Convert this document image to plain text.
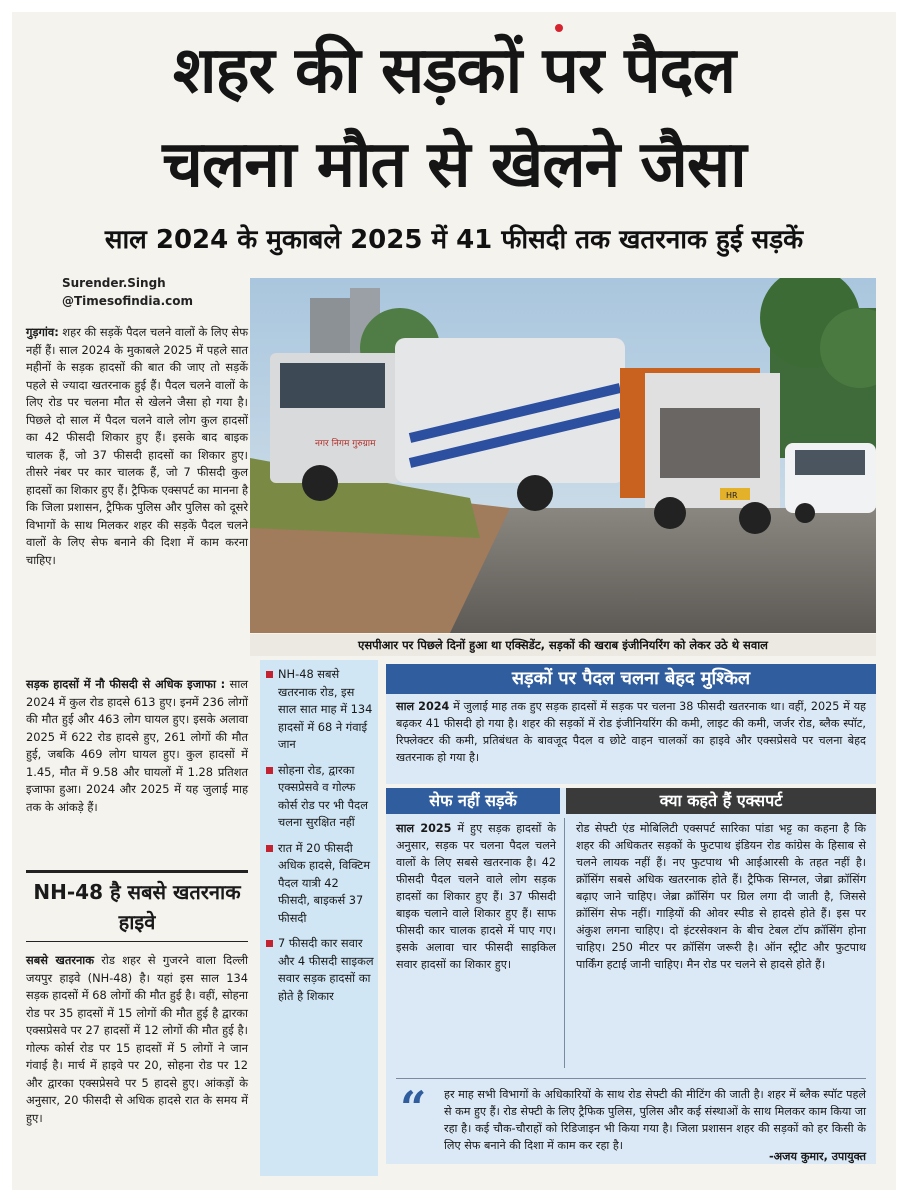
शहर की सड़कों पर पैदल
चलना मौत से खेलने जैसा
साल 2024 के मुकाबले 2025 में 41 फीसदी तक खतरनाक हुई सड़कें
Surender.Singh
@Timesofindia.com

गुड़गांव: शहर की सड़कें पैदल चलने वालों के लिए सेफ नहीं हैं। साल 2024 के मुकाबले 2025 में पहले सात महीनों के सड़क हादसों की बात की जाए तो सड़कें पहले से ज्यादा खतरनाक हुई हैं। पैदल चलने वालों के लिए रोड पर चलना मौत से खेलने जैसा हो गया है। पिछले दो साल में पैदल चलने वाले लोग कुल हादसों का 42 फीसदी शिकार हुए हैं। इसके बाद बाइक चालक हैं, जो 37 फीसदी हादसों का शिकार हुए। तीसरे नंबर पर कार चालक हैं, जो 7 फीसदी कुल हादसों का शिकार हुए हैं। ट्रैफिक एक्सपर्ट का मानना है कि जिला प्रशासन, ट्रैफिक पुलिस और पुलिस को दूसरे विभागों के साथ मिलकर शहर की सड़कें पैदल चलने वालों के लिए सेफ बनाने की दिशा में काम करना चाहिए।

सड़क हादसों में नौ फीसदी से अधिक इजाफा : साल 2024 में कुल रोड हादसे 613 हुए। इनमें 236 लोगों की मौत हुई और 463 लोग घायल हुए। इसके अलावा 2025 में 622 रोड हादसे हुए, 261 लोगों की मौत हुई, जबकि 469 लोग घायल हुए। कुल हादसों में 1.45, मौत में 9.58 और घायलों में 1.28 प्रतिशत इजाफा हुआ। 2024 और 2025 में यह जुलाई माह तक के आंकड़े हैं।

NH-48 है सबसे खतरनाक हाइवे

सबसे खतरनाक रोड शहर से गुजरने वाला दिल्ली जयपुर हाइवे (NH-48) है। यहां इस साल 134 सड़क हादसों में 68 लोगों की मौत हुई है। वहीं, सोहना रोड पर 35 हादसों में 15 लोगों की मौत हुई है द्वारका एक्सप्रेसवे पर 27 हादसों में 12 लोगों की मौत हुई है। गोल्फ कोर्स रोड पर 15 हादसों में 5 लोगों ने जान गंवाई है। मार्च में हाइवे पर 20, सोहना रोड पर 12 और द्वारका एक्सप्रेसवे पर 5 हादसे हुए। आंकड़ों के अनुसार, 20 फीसदी से अधिक हादसे रात के समय में हुए।

नगर निगम गुरुग्राम
HR
एसपीआर पर पिछले दिनों हुआ था एक्सिडेंट, सड़कों की खराब इंजीनियरिंग को लेकर उठे थे सवाल
NH-48 सबसे खतरनाक रोड, इस साल सात माह में 134 हादसों में 68 ने गंवाई जान
सोहना रोड, द्वारका एक्सप्रेसवे व गोल्फ कोर्स रोड पर भी पैदल चलना सुरक्षित नहीं
रात में 20 फीसदी अधिक हादसे, विक्टिम पैदल यात्री 42 फीसदी, बाइकर्स 37 फीसदी
7 फीसदी कार सवार और 4 फीसदी साइकल सवार सड़क हादसों का होते है शिकार
सड़कों पर पैदल चलना बेहद मुश्किल
साल 2024 में जुलाई माह तक हुए सड़क हादसों में सड़क पर चलना 38 फीसदी खतरनाक था। वहीं, 2025 में यह बढ़कर 41 फीसदी हो गया है। शहर की सड़कों में रोड इंजीनियरिंग की कमी, लाइट की कमी, जर्जर रोड, ब्लैक स्पॉट, रिफ्लेक्टर की कमी, प्रतिबंधत के बावजूद पैदल व छोटे वाहन चालकों का हाइवे और एक्सप्रेसवे पर चलना बेहद खतरनाक हो गया है।
सेफ नहीं सड़कें	क्या कहते हैं एक्सपर्ट
साल 2025 में हुए सड़क हादसों के अनुसार, सड़क पर चलना पैदल चलने वालों के लिए सबसे खतरनाक है। 42 फीसदी पैदल चलने वाले लोग सड़क हादसों का शिकार हुए हैं। 37 फीसदी बाइक चलाने वाले शिकार हुए हैं। साफ फीसदी कार चालक हादसे में पाए गए। इसके अलावा चार फीसदी साइकिल सवार हादसों का शिकार हुए।
रोड सेफ्टी एंड मोबिलिटी एक्सपर्ट सारिका पांडा भट्ट का कहना है कि शहर की अधिकतर सड़कों के फुटपाथ इंडियन रोड कांग्रेस के हिसाब से चलने लायक नहीं हैं। नए फुटपाथ भी आईआरसी के तहत नहीं है। क्रॉसिंग सबसे अधिक खतरनाक होते हैं। ट्रैफिक सिग्नल, जेब्रा क्रॉसिंग बढ़ाए जाने चाहिए। जेब्रा क्रॉसिंग पर ग्रिल लगा दी जाती है, जिससे क्रॉसिंग सेफ नहीं। गाड़ियों की ओवर स्पीड से हादसे होते हैं। इस पर अंकुश लगना चाहिए। दो इंटरसेक्शन के बीच टेबल टॉप क्रॉसिंग होना चाहिए। 250 मीटर पर क्रॉसिंग जरूरी है। ऑन स्ट्रीट और फुटपाथ पार्किंग हटाई जानी चाहिए। मैन रोड पर चलने से हादसे होते हैं।
“ हर माह सभी विभागों के अधिकारियों के साथ रोड सेफ्टी की मीटिंग की जाती है। शहर में ब्लैक स्पॉट पहले से कम हुए हैं। रोड सेफ्टी के लिए ट्रैफिक पुलिस, पुलिस और कई संस्थाओं के साथ मिलकर काम किया जा रहा है। कई चौक-चौराहों को रिडिजाइन भी किया गया है। जिला प्रशासन शहर की सड़कों को हर किसी के लिए सेफ बनाने की दिशा में काम कर रहा है।
-अजय कुमार, उपायुक्त
